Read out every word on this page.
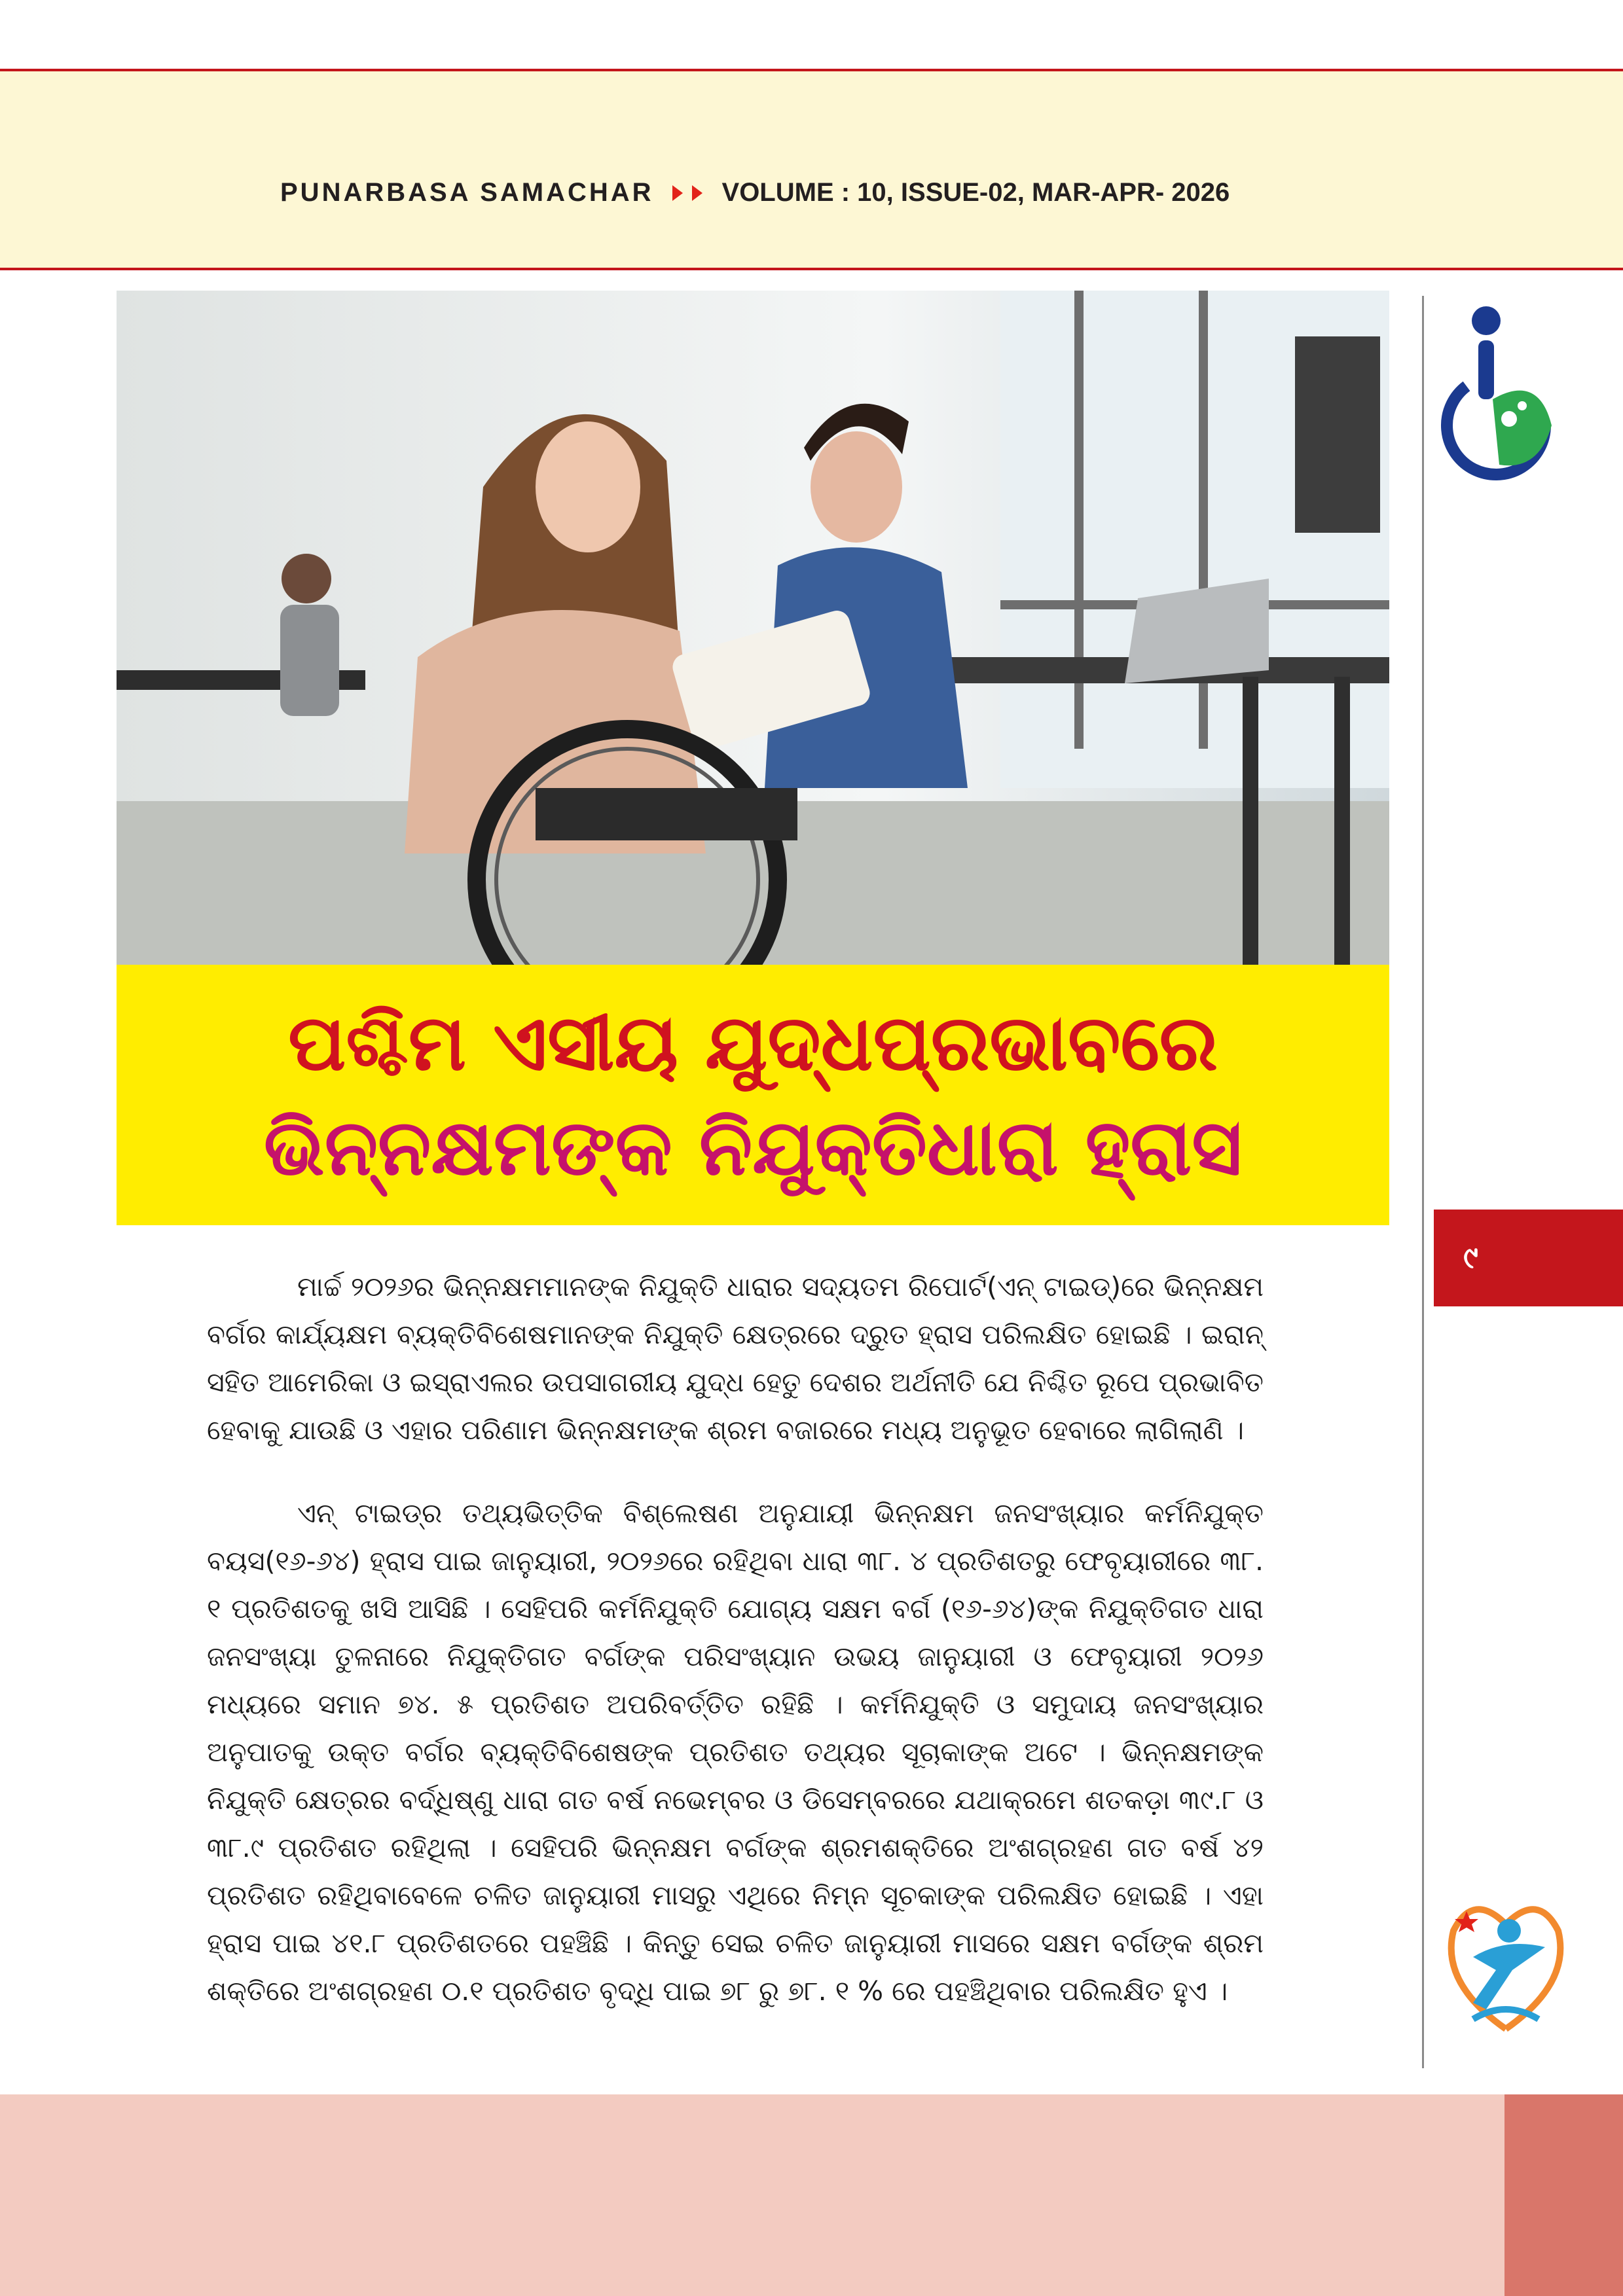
PUNARBASA SAMACHAR	VOLUME : 10, ISSUE-02, MAR-APR- 2026
ପଶ୍ଚିମ ଏସୀୟ ଯୁଦ୍ଧପ୍ରଭାବରେ
ଭିନ୍ନକ୍ଷମଙ୍କ ନିଯୁକ୍ତିଧାରା ହ୍ରାସ
୯

ମାର୍ଚ୍ଚ ୨୦୨୬ର ଭିନ୍ନକ୍ଷମମାନଙ୍କ ନିଯୁକ୍ତି ଧାରାର ସଦ୍ୟତମ ରିପୋର୍ଟ(ଏନ୍ ଟାଇଡ୍)ରେ ଭିନ୍ନକ୍ଷମ ବର୍ଗର କାର୍ଯ୍ୟକ୍ଷମ ବ୍ୟକ୍ତିବିଶେଷମାନଙ୍କ ନିଯୁକ୍ତି କ୍ଷେତ୍ରରେ ଦ୍ରୁତ ହ୍ରାସ ପରିଲକ୍ଷିତ ହୋଇଛି । ଇରାନ୍ ସହିତ ଆମେରିକା ଓ ଇସ୍ରାଏଲର ଉପସାଗରୀୟ ଯୁଦ୍ଧ ହେତୁ ଦେଶର ଅର୍ଥନୀତି ଯେ ନିଶ୍ଚିତ ରୂପେ ପ୍ରଭାବିତ ହେବାକୁ ଯାଉଛି ଓ ଏହାର ପରିଣାମ ଭିନ୍ନକ୍ଷମଙ୍କ ଶ୍ରମ ବଜାରରେ ମଧ୍ୟ ଅନୁଭୂତ ହେବାରେ ଲାଗିଲାଣି ।

ଏନ୍ ଟାଇଡ୍‌ର ତଥ୍ୟଭିତ୍ତିକ ବିଶ୍ଲେଷଣ ଅନୁଯାୟୀ ଭିନ୍ନକ୍ଷମ ଜନସଂଖ୍ୟାର କର୍ମନିଯୁକ୍ତ ବୟସ(୧୬-୬୪) ହ୍ରାସ ପାଇ ଜାନୁୟାରୀ, ୨୦୨୬ରେ ରହିଥିବା ଧାରା ୩୮. ୪ ପ୍ରତିଶତରୁ ଫେବୃୟାରୀରେ ୩୮. ୧ ପ୍ରତିଶତକୁ ଖସି ଆସିଛି । ସେହିପରି କର୍ମନିଯୁକ୍ତି ଯୋଗ୍ୟ ସକ୍ଷମ ବର୍ଗ (୧୬-୬୪)ଙ୍କ ନିଯୁକ୍ତିଗତ ଧାରା ଜନସଂଖ୍ୟା ତୁଳନାରେ ନିଯୁକ୍ତିଗତ ବର୍ଗଙ୍କ ପରିସଂଖ୍ୟାନ ଉଭୟ ଜାନୁୟାରୀ ଓ ଫେବୃୟାରୀ ୨୦୨୬ ମଧ୍ୟରେ ସମାନ ୭୪. ୫ ପ୍ରତିଶତ ଅପରିବର୍ତ୍ତିତ ରହିଛି । କର୍ମନିଯୁକ୍ତି ଓ ସମୁଦାୟ ଜନସଂଖ୍ୟାର ଅନୁପାତକୁ ଉକ୍ତ ବର୍ଗର ବ୍ୟକ୍ତିବିଶେଷଙ୍କ ପ୍ରତିଶତ ତଥ୍ୟର ସୂଚାକାଙ୍କ ଅଟେ । ଭିନ୍ନକ୍ଷମଙ୍କ ନିଯୁକ୍ତି କ୍ଷେତ୍ରର ବର୍ଦ୍ଧିଷ୍ଣୁ ଧାରା ଗତ ବର୍ଷ ନଭେମ୍ବର ଓ ଡିସେମ୍ବରରେ ଯଥାକ୍ରମେ ଶତକଡ଼ା ୩୯.୮ ଓ ୩୮.୯ ପ୍ରତିଶତ ରହିଥିଲା । ସେହିପରି ଭିନ୍ନକ୍ଷମ ବର୍ଗଙ୍କ ଶ୍ରମଶକ୍ତିରେ ଅଂଶଗ୍ରହଣ ଗତ ବର୍ଷ ୪୨ ପ୍ରତିଶତ ରହିଥିବାବେଳେ ଚଳିତ ଜାନୁୟାରୀ ମାସରୁ ଏଥିରେ ନିମ୍ନ ସୂଚକାଙ୍କ ପରିଲକ୍ଷିତ ହୋଇଛି । ଏହା ହ୍ରାସ ପାଇ ୪୧.୮ ପ୍ରତିଶତରେ ପହଞ୍ଚିଛି । କିନ୍ତୁ ସେଇ ଚଳିତ ଜାନୁୟାରୀ ମାସରେ ସକ୍ଷମ ବର୍ଗଙ୍କ ଶ୍ରମ ଶକ୍ତିରେ ଅଂଶଗ୍ରହଣ ୦.୧ ପ୍ରତିଶତ ବୃଦ୍ଧି ପାଇ ୭୮ ରୁ ୭୮. ୧ % ରେ ପହଞ୍ଚିଥିବାର ପରିଲକ୍ଷିତ ହୁଏ ।
